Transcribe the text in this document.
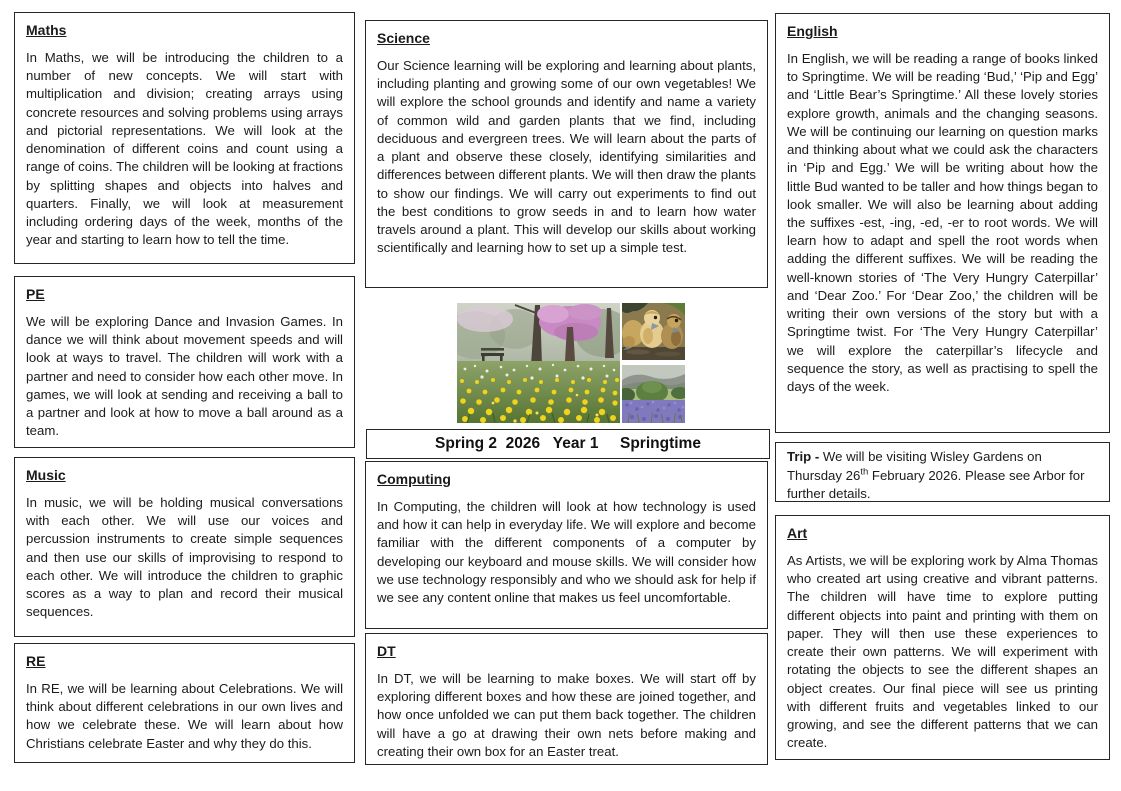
Maths

In Maths, we will be introducing the children to a number of new concepts. We will start with multiplication and division; creating arrays using concrete resources and solving problems using arrays and pictorial representations. We will look at the denomination of different coins and count using a range of coins. The children will be looking at fractions by splitting shapes and objects into halves and quarters. Finally, we will look at measurement including ordering days of the week, months of the year and starting to learn how to tell the time.

PE

We will be exploring Dance and Invasion Games. In dance we will think about movement speeds and will look at ways to travel. The children will work with a partner and need to consider how each other move. In games, we will look at sending and receiving a ball to a partner and look at how to move a ball around as a team.

Music

In music, we will be holding musical conversations with each other. We will use our voices and percussion instruments to create simple sequences and then use our skills of improvising to respond to each other. We will introduce the children to graphic scores as a way to plan and record their musical sequences.

RE

In RE, we will be learning about Celebrations. We will think about different celebrations in our own lives and how we celebrate these. We will learn about how Christians celebrate Easter and why they do this.

Science

Our Science learning will be exploring and learning about plants, including planting and growing some of our own vegetables! We will explore the school grounds and identify and name a variety of common wild and garden plants that we find, including deciduous and evergreen trees. We will learn about the parts of a plant and observe these closely, identifying similarities and differences between different plants. We will then draw the plants to show our findings. We will carry out experiments to find out the best conditions to grow seeds in and to learn how water travels around a plant. This will develop our skills about working scientifically and learning how to set up a simple test.

Spring 2  2026   Year 1     Springtime
Computing

In Computing, the children will look at how technology is used and how it can help in everyday life. We will explore and become familiar with the different components of a computer by developing our keyboard and mouse skills. We will consider how we use technology responsibly and who we should ask for help if we see any content online that makes us feel uncomfortable.

DT

In DT, we will be learning to make boxes. We will start off by exploring different boxes and how these are joined together, and how once unfolded we can put them back together. The children will have a go at drawing their own nets before making and creating their own box for an Easter treat.

English

In English, we will be reading a range of books linked to Springtime. We will be reading ‘Bud,’ ‘Pip and Egg’ and ‘Little Bear’s Springtime.’ All these lovely stories explore growth, animals and the changing seasons. We will be continuing our learning on question marks and thinking about what we could ask the characters in ‘Pip and Egg.’ We will be writing about how the little Bud wanted to be taller and how things began to look smaller. We will also be learning about adding the suffixes -est, -ing, -ed, -er to root words. We will learn how to adapt and spell the root words when adding the different suffixes. We will be reading the well-known stories of ‘The Very Hungry Caterpillar’ and ‘Dear Zoo.’ For ‘Dear Zoo,’ the children will be writing their own versions of the story but with a Springtime twist. For ‘The Very Hungry Caterpillar’ we will explore the caterpillar’s lifecycle and sequence the story, as well as practising to spell the days of the week.

Trip - We will be visiting Wisley Gardens on Thursday 26th February 2026. Please see Arbor for further details.

Art

As Artists, we will be exploring work by Alma Thomas who created art using creative and vibrant patterns. The children will have time to explore putting different objects into paint and printing with them on paper. They will then use these experiences to create their own patterns. We will experiment with rotating the objects to see the different shapes an object creates. Our final piece will see us printing with different fruits and vegetables linked to our growing, and see the different patterns that we can create.
